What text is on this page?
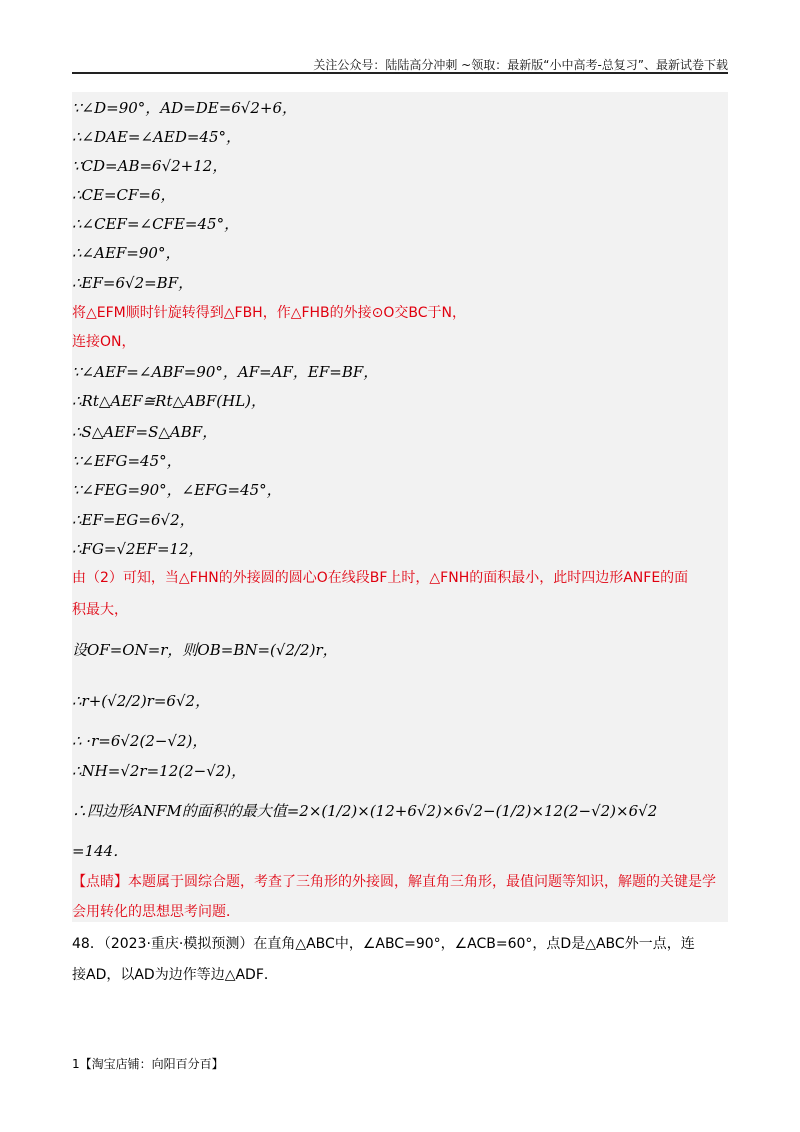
关注公众号：陆陆高分冲刺 ~领取：最新版“小中高考-总复习”、最新试卷下载
∵∠D=90°，AD=DE=6√2+6，
∴∠DAE=∠AED=45°，
∵CD=AB=6√2+12，
∴CE=CF=6，
∴∠CEF=∠CFE=45°，
∴∠AEF=90°，
∴EF=6√2=BF，
将△EFM顺时针旋转得到△FBH，作△FHB的外接⊙O交BC于N，
连接ON，
∵∠AEF=∠ABF=90°，AF=AF，EF=BF，
∴Rt△AEF≅Rt△ABF(HL)，
∴S△AEF=S△ABF，
∵∠EFG=45°，
∵∠FEG=90°，∠EFG=45°，
∴EF=EG=6√2，
∴FG=√2EF=12，
由（2）可知，当△FHN的外接圆的圆心O在线段BF上时，△FNH的面积最小，此时四边形ANFE的面
积最大，
设OF=ON=r，则OB=BN=(√2/2)r，
∴r+(√2/2)r=6√2，
∴ ·r=6√2(2−√2)，
∴NH=√2r=12(2−√2)，
∴四边形ANFM的面积的最大值=2×(1/2)×(12+6√2)×6√2−(1/2)×12(2−√2)×6√2
=144．
【点睛】本题属于圆综合题，考查了三角形的外接圆，解直角三角形，最值问题等知识，解题的关键是学
会用转化的思想思考问题．
48．（2023·重庆·模拟预测）在直角△ABC中，∠ABC=90°，∠ACB=60°，点D是△ABC外一点，连
接AD，以AD为边作等边△ADF．
1【淘宝店铺：向阳百分百】
